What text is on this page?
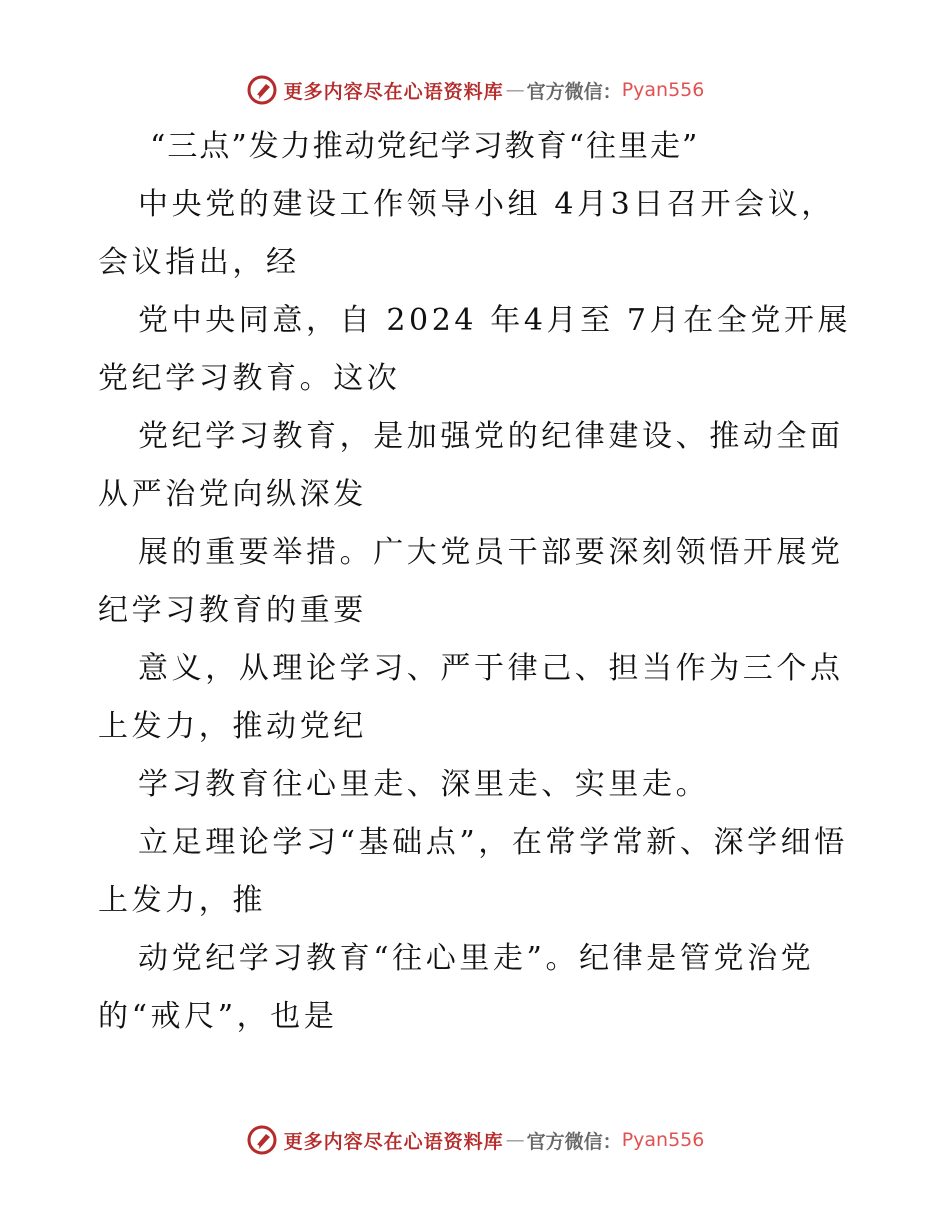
更多内容尽在心语资料库 — 官方微信： Pyan556
“三点”发力推动党纪学习教育“往里走”

中央党的建设工作领导小组 4月3日召开会议，会议指出，经

党中央同意，自 2024 年4月至 7月在全党开展党纪学习教育。这次

党纪学习教育，是加强党的纪律建设、推动全面从严治党向纵深发

展的重要举措。广大党员干部要深刻领悟开展党纪学习教育的重要

意义，从理论学习、严于律己、担当作为三个点上发力，推动党纪

学习教育往心里走、深里走、实里走。

立足理论学习“基础点”，在常学常新、深学细悟上发力，推

动党纪学习教育“往心里走”。纪律是管党治党的“戒尺”，也是

更多内容尽在心语资料库 — 官方微信： Pyan556
